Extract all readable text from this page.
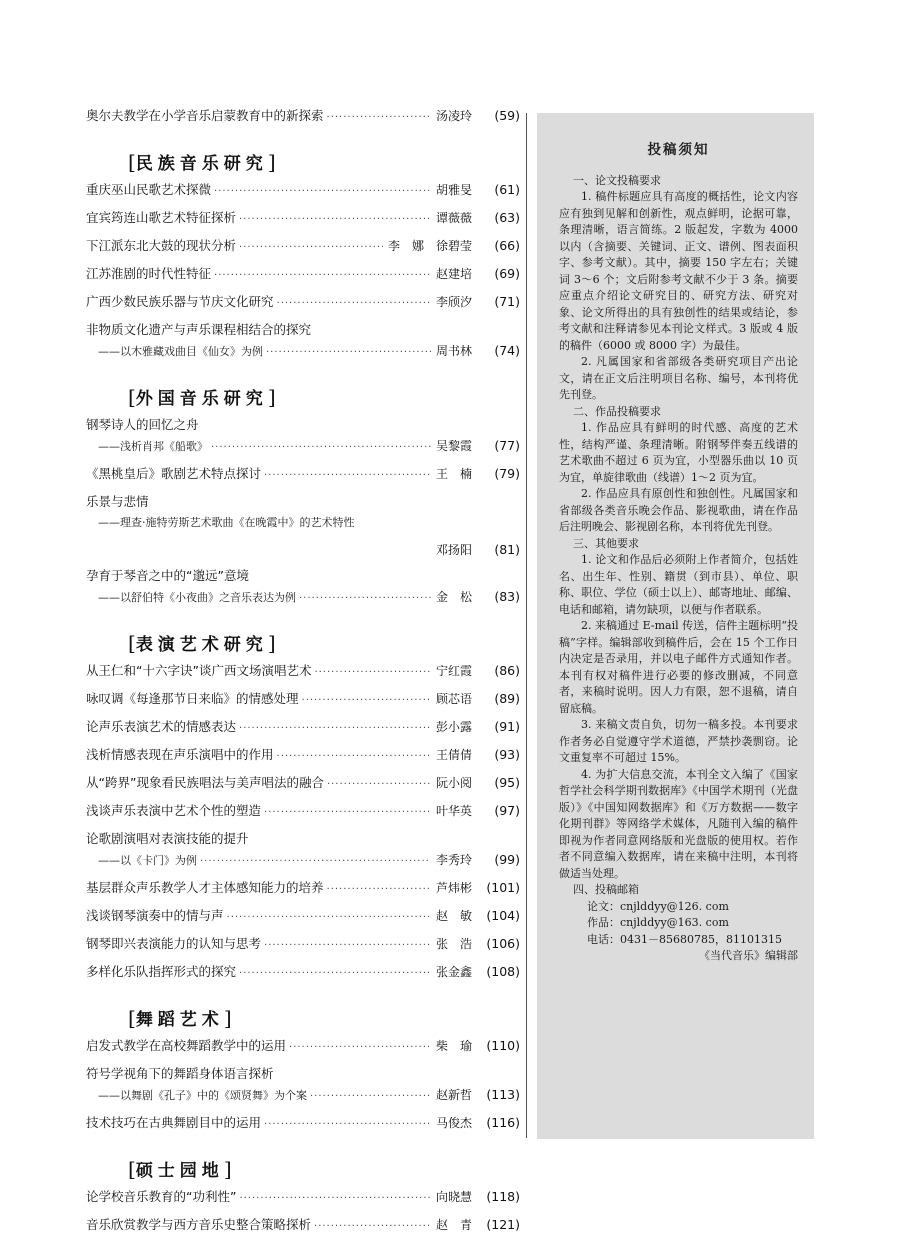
奥尔夫教学在小学音乐启蒙教育中的新探索 ·····	汤凌玲	(59)
[民族音乐研究]
重庆巫山民歌艺术探微 ·····	胡雅旻	(61)
宜宾筠连山歌艺术特征探析 ·····	谭薇薇	(63)
下江派东北大鼓的现状分析 ·····	李　娜　徐碧莹	(66)
江苏淮剧的时代性特征 ·····	赵建培	(69)
广西少数民族乐器与节庆文化研究 ·····	李颀汐	(71)
非物质文化遗产与声乐课程相结合的探究
——以木雅藏戏曲目《仙女》为例 ·····	周书林	(74)
[外国音乐研究]
钢琴诗人的回忆之舟
——浅析肖邦《船歌》 ·····	吴黎霞	(77)
《黑桃皇后》歌剧艺术特点探讨 ·····	王　楠	(79)
乐景与悲情
——理查·施特劳斯艺术歌曲《在晚霞中》的艺术特性
邓扬阳	(81)
孕育于琴音之中的“邈远”意境
——以舒伯特《小夜曲》之音乐表达为例 ·····	金　松	(83)
[表演艺术研究]
从王仁和“十六字诀”谈广西文场演唱艺术 ·····	宁红霞	(86)
咏叹调《每逢那节日来临》的情感处理 ·····	顾芯语	(89)
论声乐表演艺术的情感表达 ·····	彭小露	(91)
浅析情感表现在声乐演唱中的作用 ·····	王倩倩	(93)
从“跨界”现象看民族唱法与美声唱法的融合 ·····	阮小阅	(95)
浅谈声乐表演中艺术个性的塑造 ·····	叶华英	(97)
论歌剧演唱对表演技能的提升
——以《卡门》为例 ·····	李秀玲	(99)
基层群众声乐教学人才主体感知能力的培养 ·····	芦炜彬	(101)
浅谈钢琴演奏中的情与声 ·····	赵　敏	(104)
钢琴即兴表演能力的认知与思考 ·····	张　浩	(106)
多样化乐队指挥形式的探究 ·····	张金鑫	(108)
[舞蹈艺术]
启发式教学在高校舞蹈教学中的运用 ·····	柴　瑜	(110)
符号学视角下的舞蹈身体语言探析
——以舞剧《孔子》中的《颂贤舞》为个案 ·····	赵新哲	(113)
技术技巧在古典舞剧目中的运用 ·····	马俊杰	(116)
[硕士园地]
论学校音乐教育的“功利性” ·····	向晓慧	(118)
音乐欣赏教学与西方音乐史整合策略探析 ·····	赵　青	(121)
投稿须知
一、论文投稿要求
1. 稿件标题应具有高度的概括性，论文内容应有独到见解和创新性，观点鲜明，论据可靠，条理清晰，语言简练。2 版起发，字数为 4000 以内（含摘要、关键词、正文、谱例、图表面积字、参考文献）。其中，摘要 150 字左右；关键词 3～6 个；文后附参考文献不少于 3 条。摘要应重点介绍论文研究目的、研究方法、研究对象、论文所得出的具有独创性的结果或结论，参考文献和注释请参见本刊论文样式。3 版或 4 版的稿件（6000 或 8000 字）为最佳。
2. 凡属国家和省部级各类研究项目产出论文，请在正文后注明项目名称、编号，本刊将优先刊登。
二、作品投稿要求
1. 作品应具有鲜明的时代感、高度的艺术性，结构严谨、条理清晰。附钢琴伴奏五线谱的艺术歌曲不超过 6 页为宜，小型器乐曲以 10 页为宜，单旋律歌曲（线谱）1～2 页为宜。
2. 作品应具有原创性和独创性。凡属国家和省部级各类音乐晚会作品、影视歌曲，请在作品后注明晚会、影视剧名称，本刊将优先刊登。
三、其他要求
1. 论文和作品后必须附上作者简介，包括姓名、出生年、性别、籍贯（到市县）、单位、职称、职位、学位（硕士以上）、邮寄地址、邮编、电话和邮箱，请勿缺项，以便与作者联系。
2. 来稿通过 E-mail 传送，信件主题标明“投稿”字样。编辑部收到稿件后，会在 15 个工作日内决定是否录用，并以电子邮件方式通知作者。本刊有权对稿件进行必要的修改删减，不同意者，来稿时说明。因人力有限，恕不退稿，请自留底稿。
3. 来稿文责自负，切勿一稿多投。本刊要求作者务必自觉遵守学术道德，严禁抄袭剽窃。论文重复率不可超过 15%。
4. 为扩大信息交流，本刊全文入编了《国家哲学社会科学期刊数据库》《中国学术期刊（光盘版）》《中国知网数据库》和《万方数据——数字化期刊群》等网络学术媒体，凡随刊入编的稿件即视为作者同意网络版和光盘版的使用权。若作者不同意编入数据库，请在来稿中注明，本刊将做适当处理。
四、投稿邮箱
论文：cnjlddyy@126. com
作品：cnjlddyy@163. com
电话：0431－85680785，81101315
《当代音乐》编辑部
